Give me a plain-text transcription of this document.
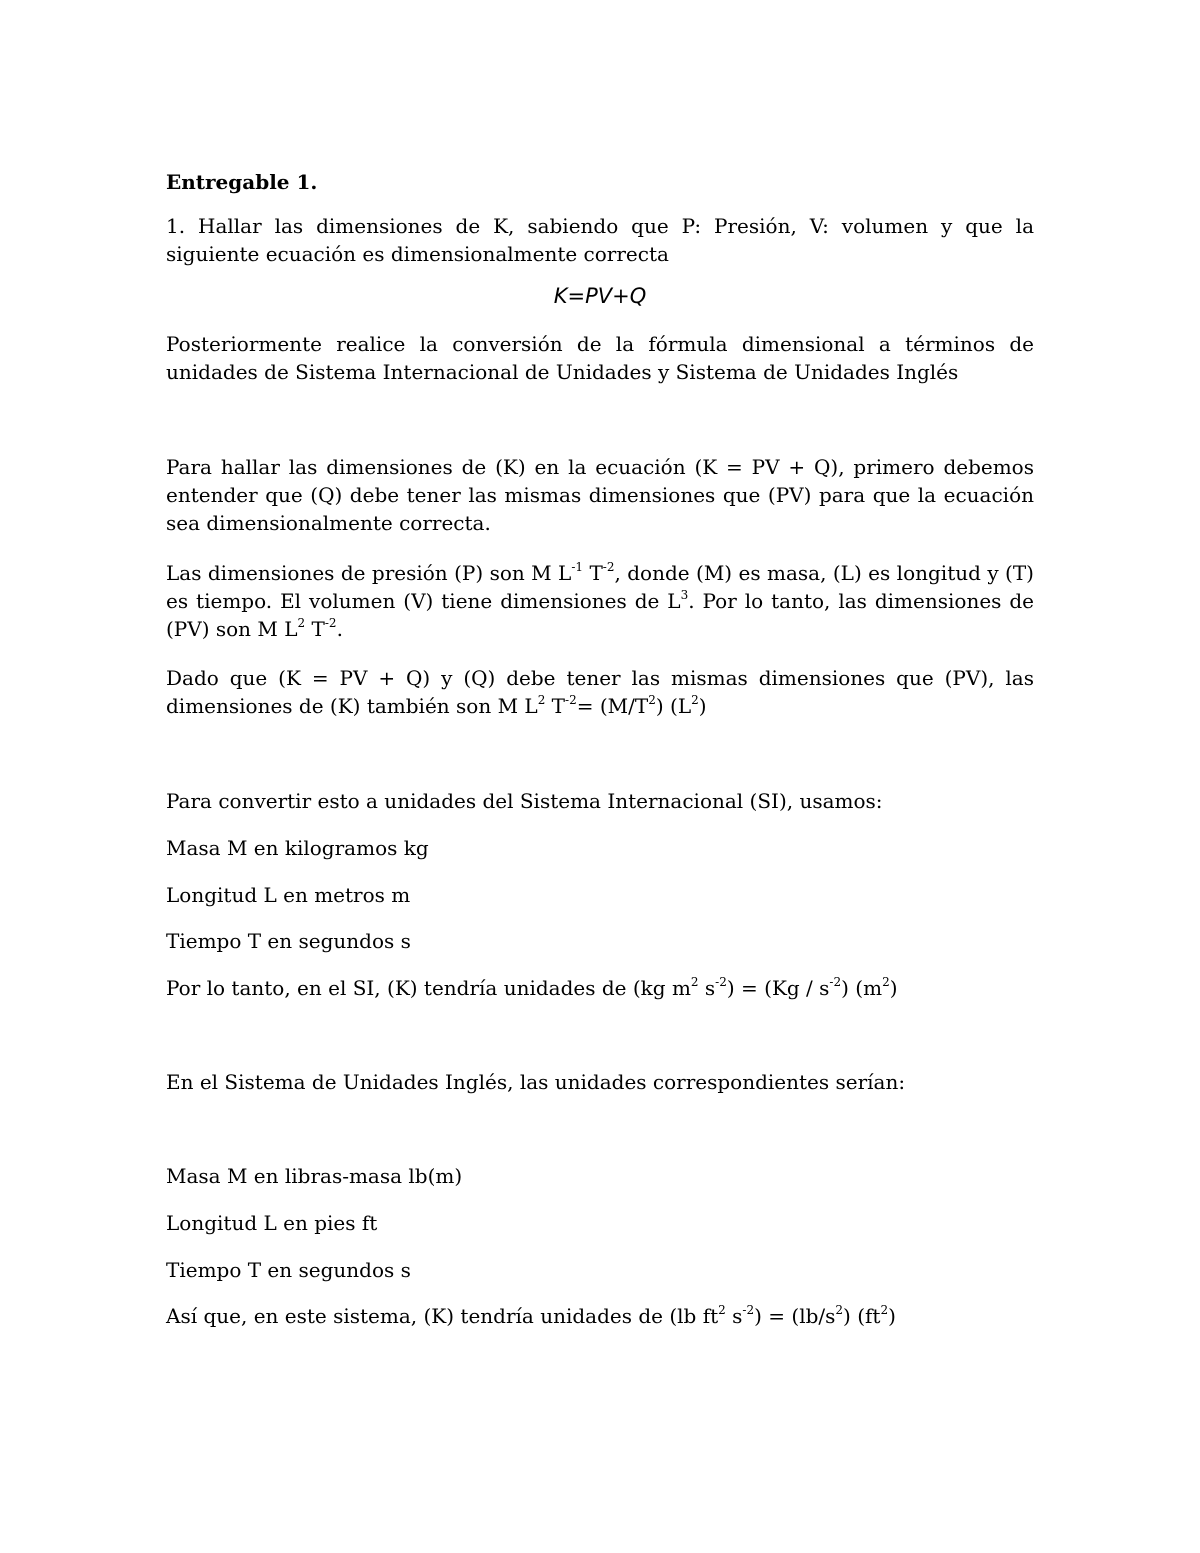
Entregable 1.

1. Hallar las dimensiones de K, sabiendo que P: Presión, V: volumen y que la siguiente ecuación es dimensionalmente correcta

K=PV+Q

Posteriormente realice la conversión de la fórmula dimensional a términos de unidades de Sistema Internacional de Unidades y Sistema de Unidades Inglés

Para hallar las dimensiones de (K) en la ecuación (K = PV + Q), primero debemos entender que (Q) debe tener las mismas dimensiones que (PV) para que la ecuación sea dimensionalmente correcta.

Las dimensiones de presión (P) son M $L^{-1}$ $T^{-2}$, donde (M) es masa, (L) es longitud y (T) es tiempo. El volumen (V) tiene dimensiones de $L^3$. Por lo tanto, las dimensiones de (PV) son M $L^2$ $T^{-2}$.

Dado que (K = PV + Q) y (Q) debe tener las mismas dimensiones que (PV), las dimensiones de (K) también son M $L^2$ $T^{-2}= (M/T^2)$ $(L^2)$

Para convertir esto a unidades del Sistema Internacional (SI), usamos:

Masa M en kilogramos kg

Longitud L en metros m

Tiempo T en segundos s

Por lo tanto, en el SI, (K) tendría unidades de (kg $m^2$ $s^{-2}) = (Kg / s^{-2})$ $(m^2)$

En el Sistema de Unidades Inglés, las unidades correspondientes serían:

Masa M en libras-masa lb(m)

Longitud L en pies ft

Tiempo T en segundos s

Así que, en este sistema, (K) tendría unidades de (lb $ft^2$ $s^{-2}) = (lb/s^2)$ $(ft^2)$
